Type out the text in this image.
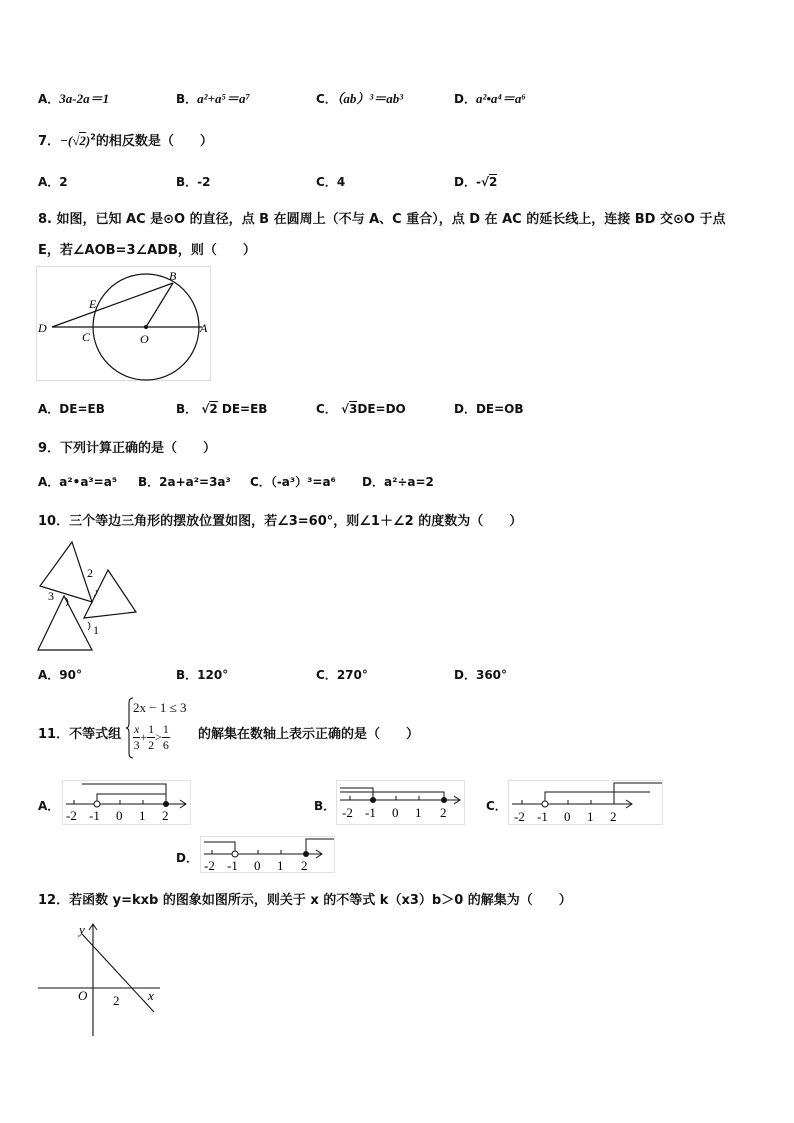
A．3a-2a＝1	B．a²+a⁵＝a⁷	C．（ab）³＝ab³	D．a²•a⁴＝a⁶
7．$-(√2)^2$的相反数是（　　）
A．2	B．-2	C．4	D．-√2
8. 如图，已知 AC 是⊙O 的直径，点 B 在圆周上（不与 A、C 重合），点 D 在 AC 的延长线上，连接 BD 交⊙O 于点
E，若∠AOB=3∠ADB，则（　　）
B
E
D
C	O
A
A．DE=EB	B． √2 DE=EB	C． √3DE=DO	D．DE=OB
9．下列计算正确的是（　　）
A．a²•a³=a⁵ B．2a+a²=3a³ C．（-a³）³=a⁶ D．a²÷a=2
10．三个等边三角形的摆放位置如图，若∠3=60°，则∠1＋∠2 的度数为（　　）
2
3
1
A．90°	B．120°	C．270°	D．360°
11．不等式组
2x − 1 ≤ 3
$\frac{x}{3} + \frac{1}{2} > \frac{1}{6}$ 的解集在数轴上表示正确的是（　　）
A．
-2 -1 0 1 2
B． -2 -1 0 1 2	C．
-2 -1 0 1 2
D． -2 -1 0 1 2
12．若函数 y=kxb 的图象如图所示，则关于 x 的不等式 k（x3）b＞0 的解集为（　　）
y
x
O 2
